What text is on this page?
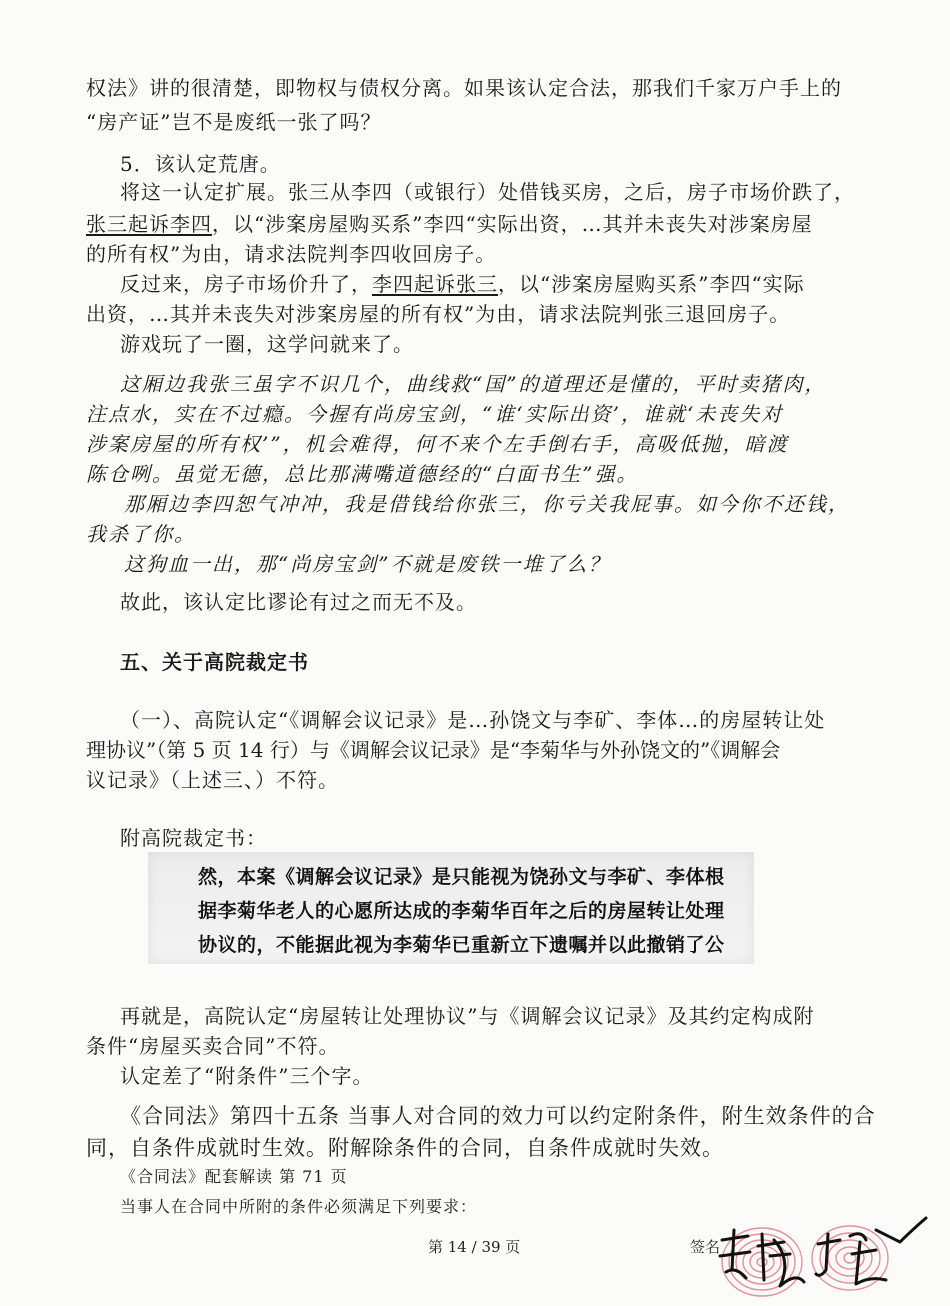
权法》讲的很清楚，即物权与债权分离。如果该认定合法，那我们千家万户手上的
“房产证”岂不是废纸一张了吗？
5．该认定荒唐。
将这一认定扩展。张三从李四（或银行）处借钱买房，之后，房子市场价跌了，
张三起诉李四，以“涉案房屋购买系”李四“实际出资，…其并未丧失对涉案房屋
的所有权”为由，请求法院判李四收回房子。
反过来，房子市场价升了，李四起诉张三，以“涉案房屋购买系”李四“实际
出资，…其并未丧失对涉案房屋的所有权”为由，请求法院判张三退回房子。
游戏玩了一圈，这学问就来了。
这厢边我张三虽字不识几个，曲线救“国”的道理还是懂的，平时卖猪肉，
注点水，实在不过瘾。今握有尚房宝剑，“谁‘实际出资’，谁就‘未丧失对
涉案房屋的所有权’”，机会难得，何不来个左手倒右手，高吸低抛，暗渡
陈仓咧。虽觉无德，总比那满嘴道德经的“白面书生”强。
那厢边李四恕气冲冲，我是借钱给你张三，你亏关我屁事。如今你不还钱，
我杀了你。
这狗血一出，那“尚房宝剑”不就是废铁一堆了么？
故此，该认定比谬论有过之而无不及。
五、关于高院裁定书
（一）、高院认定“《调解会议记录》是…孙饶文与李矿、李体…的房屋转让处
理协议”（第 5 页 14 行）与《调解会议记录》是“李菊华与外孙饶文的”《调解会
议记录》（上述三、）不符。
附高院裁定书：
然，本案《调解会议记录》是只能视为饶孙文与李矿、李体根
据李菊华老人的心愿所达成的李菊华百年之后的房屋转让处理
协议的，不能据此视为李菊华已重新立下遗嘱并以此撤销了公
再就是，高院认定“房屋转让处理协议”与《调解会议记录》及其约定构成附
条件“房屋买卖合同”不符。
认定差了“附条件”三个字。
《合同法》第四十五条 当事人对合同的效力可以约定附条件，附生效条件的合
同，自条件成就时生效。附解除条件的合同，自条件成就时失效。
《合同法》配套解读 第 71 页
当事人在合同中所附的条件必须满足下列要求：
第 14 / 39 页	签名
